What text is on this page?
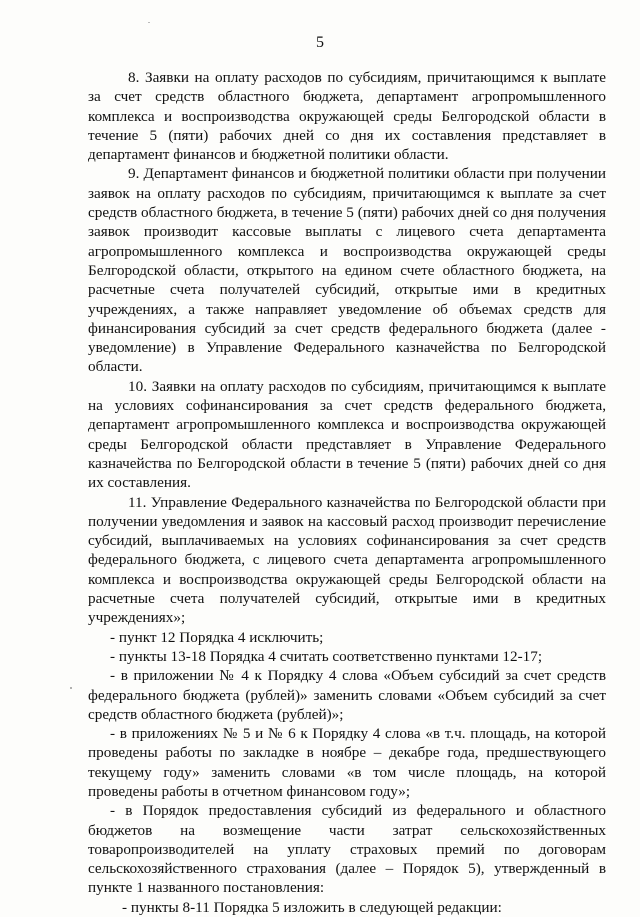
5

8. Заявки на оплату расходов по субсидиям, причитающимся к выплате за счет средств областного бюджета, департамент агропромышленного комплекса и воспроизводства окружающей среды Белгородской области в течение 5 (пяти) рабочих дней со дня их составления представляет в департамент финансов и бюджетной политики области.

9. Департамент финансов и бюджетной политики области при получении заявок на оплату расходов по субсидиям, причитающимся к выплате за счет средств областного бюджета, в течение 5 (пяти) рабочих дней со дня получения заявок производит кассовые выплаты с лицевого счета департамента агропромышленного комплекса и воспроизводства окружающей среды Белгородской области, открытого на едином счете областного бюджета, на расчетные счета получателей субсидий, открытые ими в кредитных учреждениях, а также направляет уведомление об объемах средств для финансирования субсидий за счет средств федерального бюджета (далее - уведомление) в Управление Федерального казначейства по Белгородской области.

10. Заявки на оплату расходов по субсидиям, причитающимся к выплате на условиях софинансирования за счет средств федерального бюджета, департамент агропромышленного комплекса и воспроизводства окружающей среды Белгородской области представляет в Управление Федерального казначейства по Белгородской области в течение 5 (пяти) рабочих дней со дня их составления.

11. Управление Федерального казначейства по Белгородской области при получении уведомления и заявок на кассовый расход производит перечисление субсидий, выплачиваемых на условиях софинансирования за счет средств федерального бюджета, с лицевого счета департамента агропромышленного комплекса и воспроизводства окружающей среды Белгородской области на расчетные счета получателей субсидий, открытые ими в кредитных учреждениях»;

- пункт 12 Порядка 4 исключить;

- пункты 13-18 Порядка 4 считать соответственно пунктами 12-17;

- в приложении № 4 к Порядку 4 слова «Объем субсидий за счет средств федерального бюджета (рублей)» заменить словами «Объем субсидий за счет средств областного бюджета (рублей)»;

- в приложениях № 5 и № 6 к Порядку 4 слова «в т.ч. площадь, на которой проведены работы по закладке в ноябре – декабре года, предшествующего текущему году» заменить словами «в том числе площадь, на которой проведены работы в отчетном финансовом году»;

- в Порядок предоставления субсидий из федерального и областного бюджетов на возмещение части затрат сельскохозяйственных товаропроизводителей на уплату страховых премий по договорам сельскохозяйственного страхования (далее – Порядок 5), утвержденный в пункте 1 названного постановления:

- пункты 8-11 Порядка 5 изложить в следующей редакции:
